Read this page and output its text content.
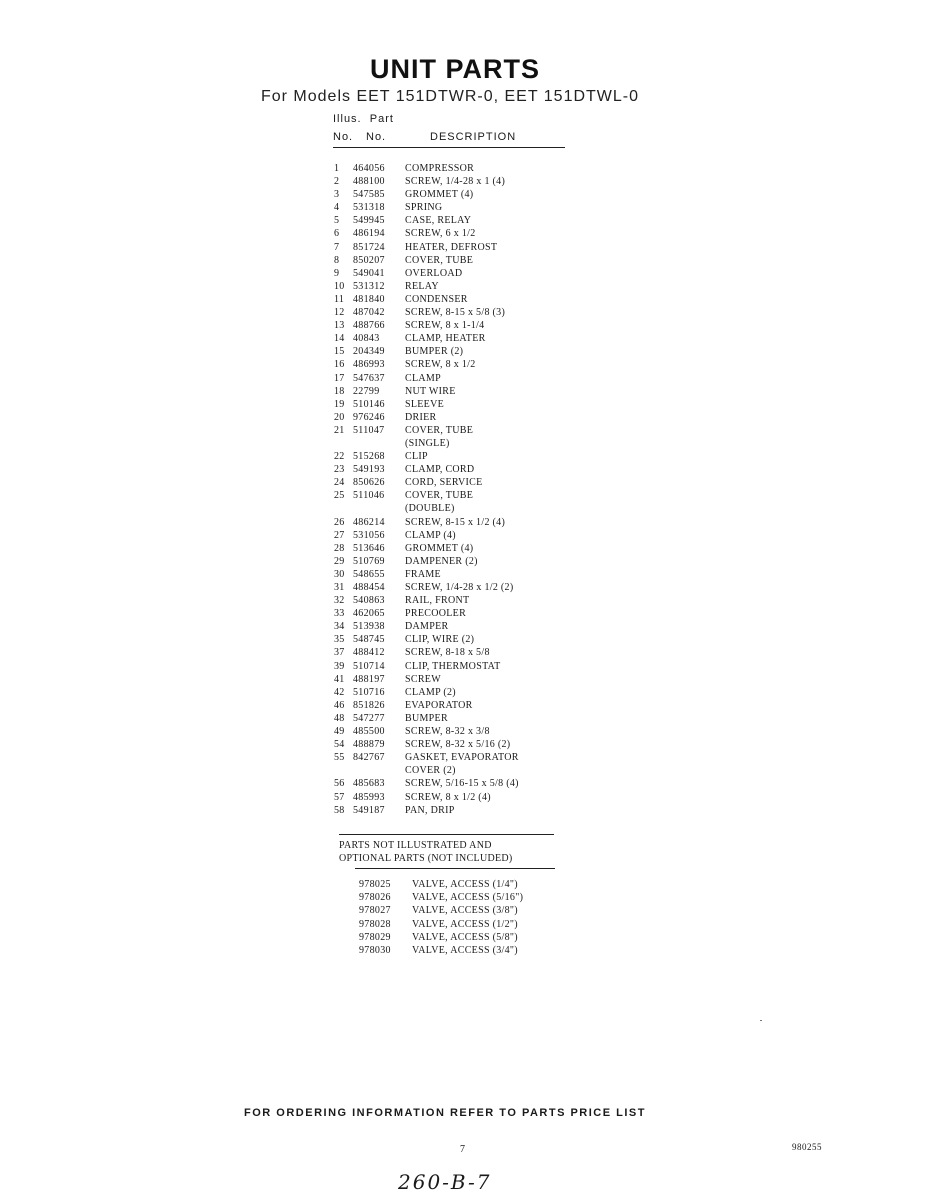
UNIT PARTS
For Models EET 151DTWR-0, EET 151DTWL-0
Illus. Part
No. No.	DESCRIPTION
1	464056	COMPRESSOR
2	488100	SCREW, 1/4-28 x 1 (4)
3	547585	GROMMET (4)
4	531318	SPRING
5	549945	CASE, RELAY
6	486194	SCREW, 6 x 1/2
7	851724	HEATER, DEFROST
8	850207	COVER, TUBE
9	549041	OVERLOAD
10 531312	RELAY
11 481840	CONDENSER
12 487042	SCREW, 8-15 x 5/8 (3)
13 488766	SCREW, 8 x 1-1/4
14 40843	CLAMP, HEATER
15 204349	BUMPER (2)
16 486993	SCREW, 8 x 1/2
17 547637	CLAMP
18 22799	NUT WIRE
19 510146	SLEEVE
20 976246	DRIER
21 511047	COVER, TUBE
(SINGLE)
22 515268	CLIP
23 549193	CLAMP, CORD
24 850626	CORD, SERVICE
25 511046	COVER, TUBE
(DOUBLE)
26 486214	SCREW, 8-15 x 1/2 (4)
27 531056	CLAMP (4)
28 513646	GROMMET (4)
29 510769	DAMPENER (2)
30 548655	FRAME
31 488454	SCREW, 1/4-28 x 1/2 (2)
32 540863	RAIL, FRONT
33 462065	PRECOOLER
34 513938	DAMPER
35 548745	CLIP, WIRE (2)
37 488412	SCREW, 8-18 x 5/8
39 510714	CLIP, THERMOSTAT
41 488197	SCREW
42 510716	CLAMP (2)
46 851826	EVAPORATOR
48 547277	BUMPER
49 485500	SCREW, 8-32 x 3/8
54 488879	SCREW, 8-32 x 5/16 (2)
55 842767	GASKET, EVAPORATOR
COVER (2)
56 485683	SCREW, 5/16-15 x 5/8 (4)
57 485993	SCREW, 8 x 1/2 (4)
58 549187	PAN, DRIP
PARTS NOT ILLUSTRATED AND
OPTIONAL PARTS (NOT INCLUDED)
978025	VALVE, ACCESS (1/4")
978026	VALVE, ACCESS (5/16")
978027	VALVE, ACCESS (3/8")
978028	VALVE, ACCESS (1/2")
978029	VALVE, ACCESS (5/8")
978030	VALVE, ACCESS (3/4")
FOR ORDERING INFORMATION REFER TO PARTS PRICE LIST
7	980255
260-B-7
